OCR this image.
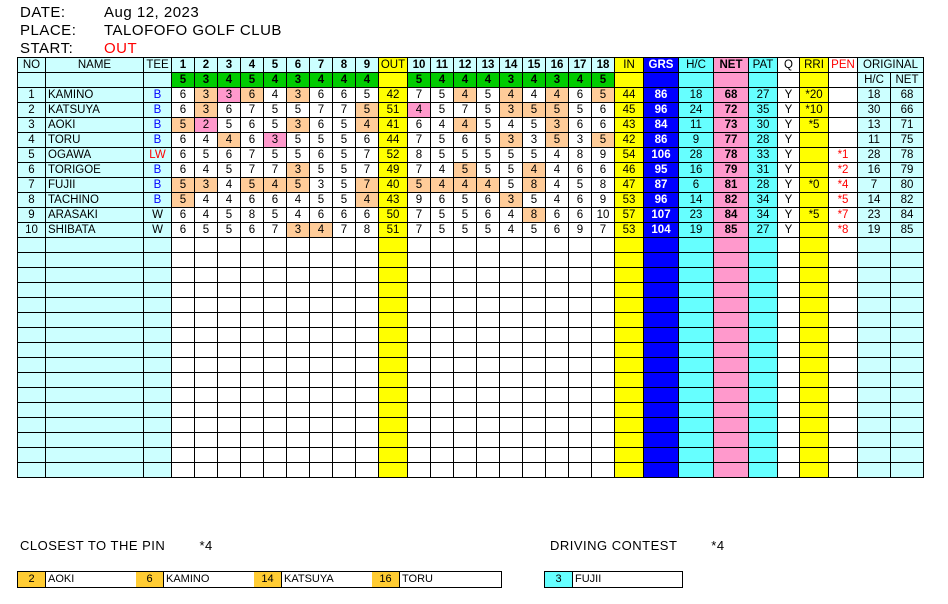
DATE:	Aug 12, 2023
PLACE: TALOFOFO GOLF CLUB
START: OUT
NO	NAME	TEE	1	2	3	4	5	6	7	8	9	OUT	10	11	12	13	14	15	16	17	18	IN	GRS	H/C	NET	PAT	Q	RRI	PEN	ORIGINAL	
			5	3	4	5	4	3	4	4	4		5	4	4	4	3	4	3	4	5									H/C	NET
1	KAMINO	B	6	3	3	6	4	3	6	6	5	42	7	5	4	5	4	4	4	6	5	44	86	18	68	27	Y	*20		18	68
2	KATSUYA	B	6	3	6	7	5	5	7	7	5	51	4	5	7	5	3	5	5	5	6	45	96	24	72	35	Y	*10		30	66
3	AOKI	B	5	2	5	6	5	3	6	5	4	41	6	4	4	5	4	5	3	6	6	43	84	11	73	30	Y	*5		13	71
4	TORU	B	6	4	4	6	3	5	5	5	6	44	7	5	6	5	3	3	5	3	5	42	86	9	77	28	Y			11	75
5	OGAWA	LW	6	5	6	7	5	5	6	5	7	52	8	5	5	5	5	5	4	8	9	54	106	28	78	33	Y		*1	28	78
6	TORIGOE	B	6	4	5	7	7	3	5	5	7	49	7	4	5	5	5	4	4	6	6	46	95	16	79	31	Y		*2	16	79
7	FUJII	B	5	3	4	5	4	5	3	5	7	40	5	4	4	4	5	8	4	5	8	47	87	6	81	28	Y	*0	*4	7	80
8	TACHINO	B	5	4	4	6	6	4	5	5	4	43	9	6	5	6	3	5	4	6	9	53	96	14	82	34	Y		*5	14	82
9	ARASAKI	W	6	4	5	8	5	4	6	6	6	50	7	5	5	6	4	8	6	6	10	57	107	23	84	34	Y	*5	*7	23	84
10	SHIBATA	W	6	5	5	6	7	3	4	7	8	51	7	5	5	5	4	5	6	9	7	53	104	19	85	27	Y		*8	19	85

CLOSEST TO THE PIN	*4	DRIVING CONTEST	*4
2	AOKI	6	KAMINO	14 KATSUYA	16 TORU	3	FUJII
